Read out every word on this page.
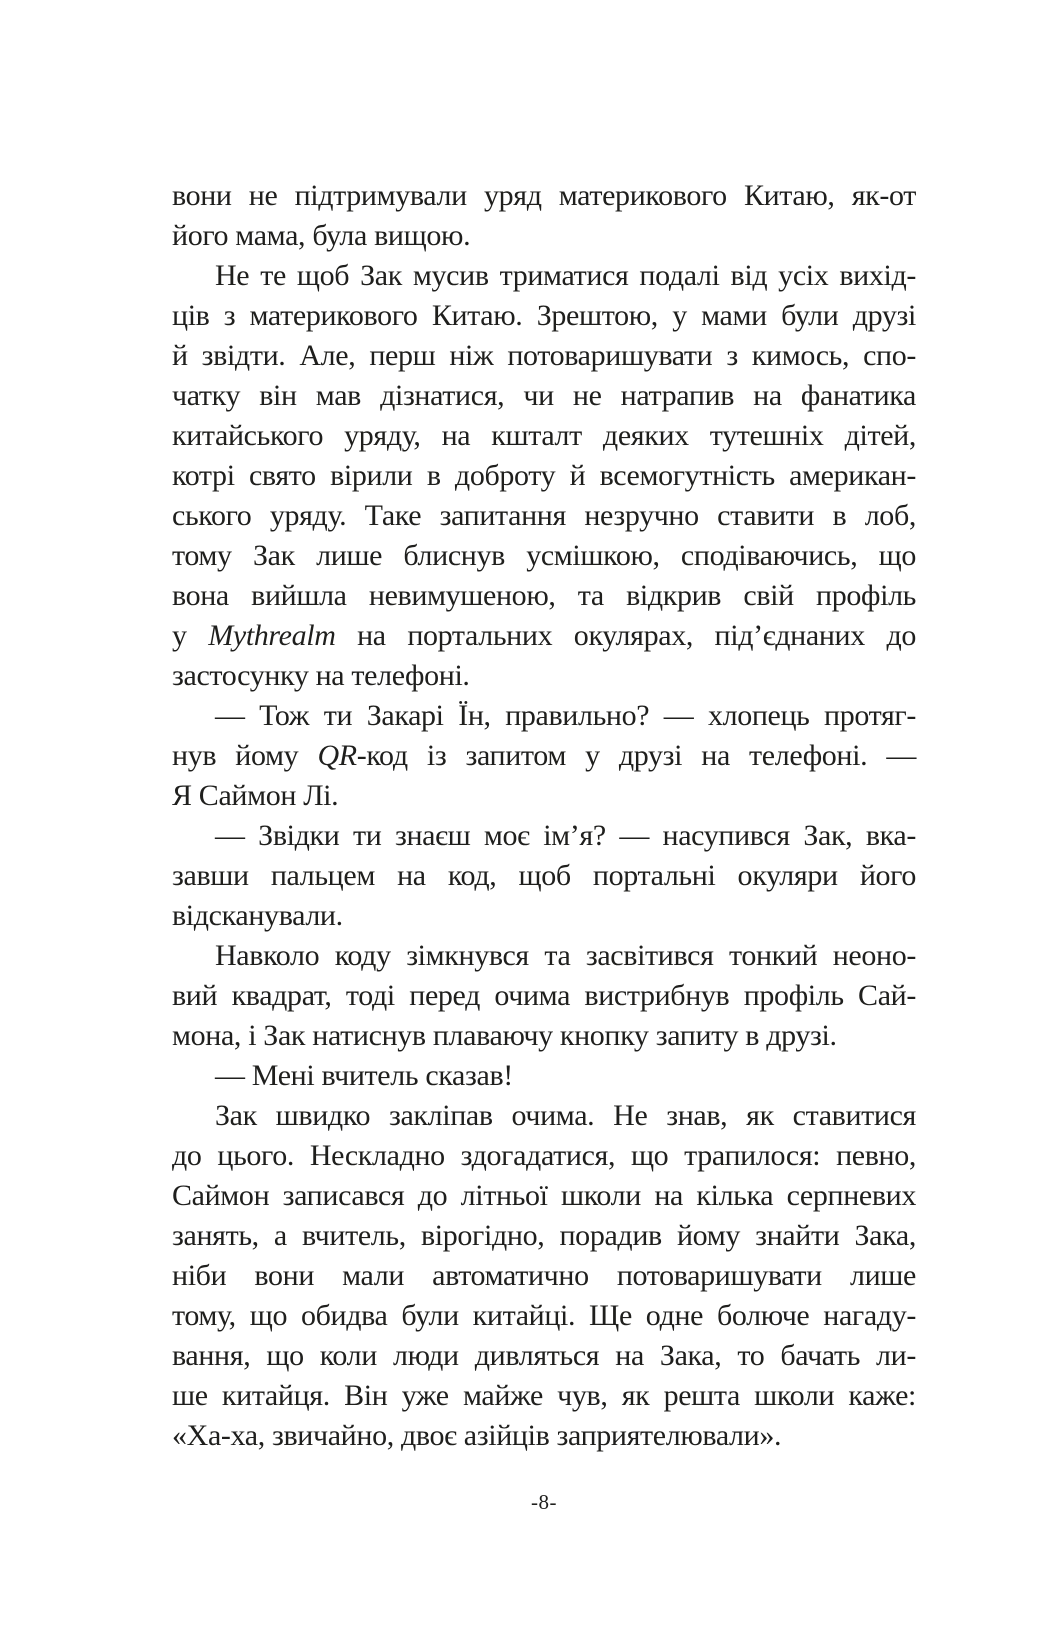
вони не підтримували уряд материкового Китаю, як-от
його мама, була вищою.
Не те щоб Зак мусив триматися подалі від усіх вихід-
ців з материкового Китаю. Зрештою, у мами були друзі
й звідти. Але, перш ніж потоваришувати з кимось, спо-
чатку він мав дізнатися, чи не натрапив на фанатика
китайського уряду, на кшталт деяких тутешніх дітей,
котрі свято вірили в доброту й всемогутність американ-
ського уряду. Таке запитання незручно ставити в лоб,
тому Зак лише блиснув усмішкою, сподіваючись, що
вона вийшла невимушеною, та відкрив свій профіль
у Mythrealm на портальних окулярах, під’єднаних до
застосунку на телефоні.
— Тож ти Закарі Їн, правильно? — хлопець протяг-
нув йому QR-код із запитом у друзі на телефоні. —
Я Саймон Лі.
— Звідки ти знаєш моє ім’я? — насупився Зак, вка-
завши пальцем на код, щоб портальні окуляри його
відсканували.
Навколо коду зімкнувся та засвітився тонкий неоно-
вий квадрат, тоді перед очима вистрибнув профіль Сай-
мона, і Зак натиснув плаваючу кнопку запиту в друзі.
— Мені вчитель сказав!
Зак швидко закліпав очима. Не знав, як ставитися
до цього. Нескладно здогадатися, що трапилося: певно,
Саймон записався до літньої школи на кілька серпневих
занять, а вчитель, вірогідно, порадив йому знайти Зака,
ніби вони мали автоматично потоваришувати лише
тому, що обидва були китайці. Ще одне болюче нагаду-
вання, що коли люди дивляться на Зака, то бачать ли-
ше китайця. Він уже майже чув, як решта школи каже:
«Ха-ха, звичайно, двоє азійців заприятелювали».
-8-
